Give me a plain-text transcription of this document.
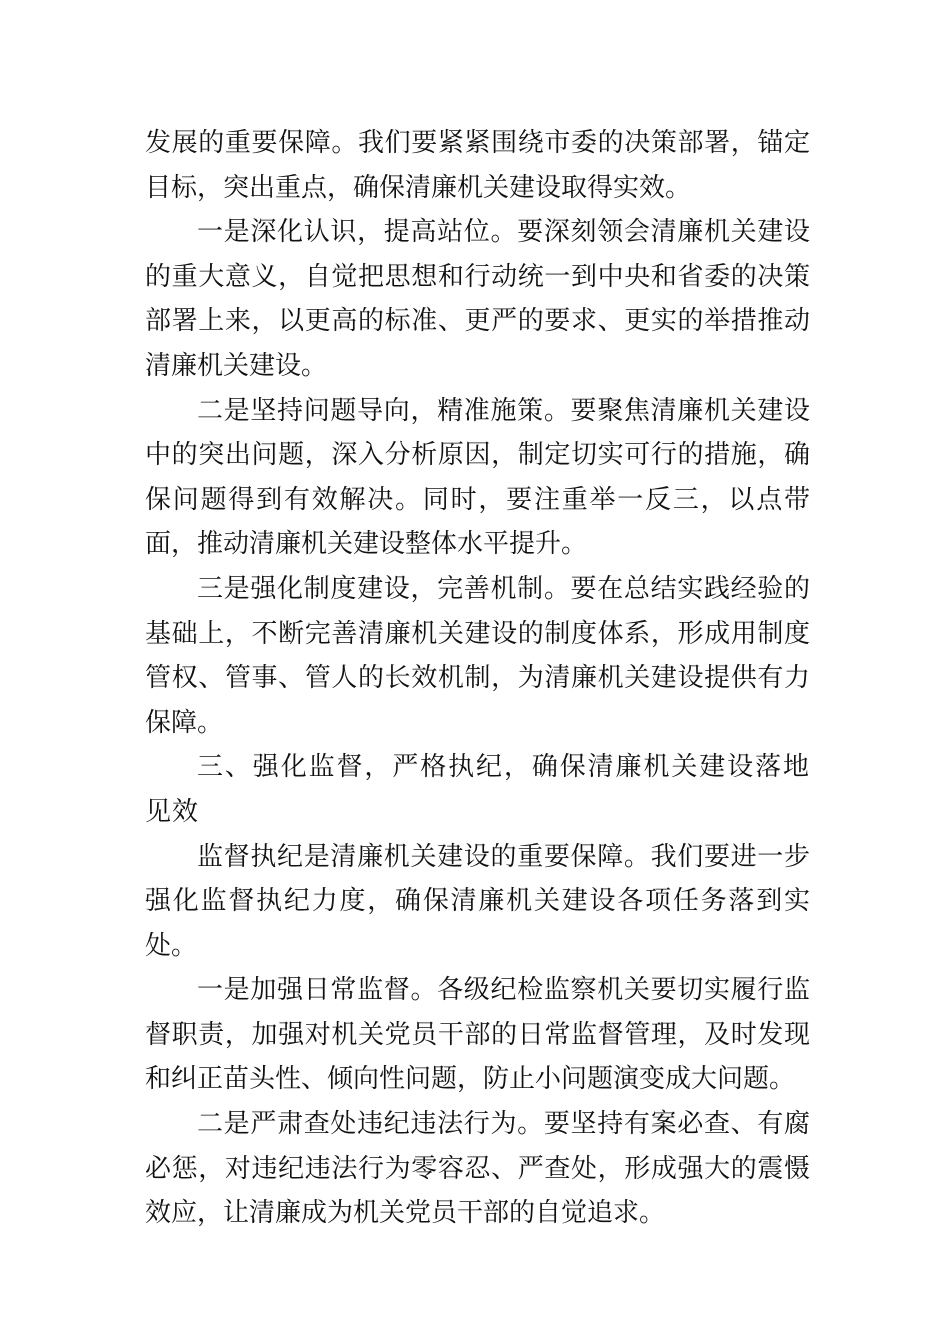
发展的重要保障。我们要紧紧围绕市委的决策部署，锚定目标，突出重点，确保清廉机关建设取得实效。

一是深化认识，提高站位。要深刻领会清廉机关建设的重大意义，自觉把思想和行动统一到中央和省委的决策部署上来，以更高的标准、更严的要求、更实的举措推动清廉机关建设。

二是坚持问题导向，精准施策。要聚焦清廉机关建设中的突出问题，深入分析原因，制定切实可行的措施，确保问题得到有效解决。同时，要注重举一反三，以点带面，推动清廉机关建设整体水平提升。

三是强化制度建设，完善机制。要在总结实践经验的基础上，不断完善清廉机关建设的制度体系，形成用制度管权、管事、管人的长效机制，为清廉机关建设提供有力保障。

三、强化监督，严格执纪，确保清廉机关建设落地见效

监督执纪是清廉机关建设的重要保障。我们要进一步强化监督执纪力度，确保清廉机关建设各项任务落到实处。

一是加强日常监督。各级纪检监察机关要切实履行监督职责，加强对机关党员干部的日常监督管理，及时发现和纠正苗头性、倾向性问题，防止小问题演变成大问题。

二是严肃查处违纪违法行为。要坚持有案必查、有腐必惩，对违纪违法行为零容忍、严查处，形成强大的震慑效应，让清廉成为机关党员干部的自觉追求。
